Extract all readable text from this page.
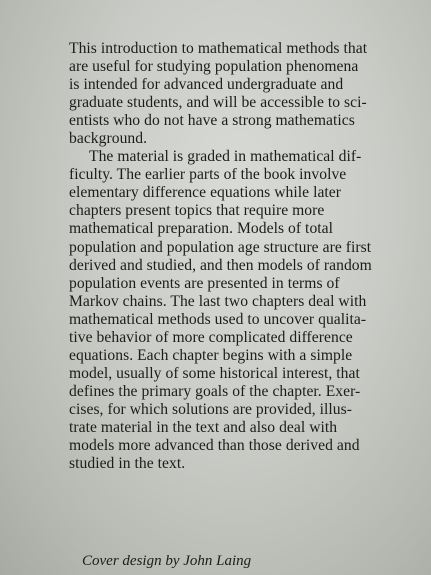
This introduction to mathematical methods that
are useful for studying population phenomena
is intended for advanced undergraduate and
graduate students, and will be accessible to sci-
entists who do not have a strong mathematics
background.
The material is graded in mathematical dif-
ficulty. The earlier parts of the book involve
elementary difference equations while later
chapters present topics that require more
mathematical preparation. Models of total
population and population age structure are first
derived and studied, and then models of random
population events are presented in terms of
Markov chains. The last two chapters deal with
mathematical methods used to uncover qualita-
tive behavior of more complicated difference
equations. Each chapter begins with a simple
model, usually of some historical interest, that
defines the primary goals of the chapter. Exer-
cises, for which solutions are provided, illus-
trate material in the text and also deal with
models more advanced than those derived and
studied in the text.
Cover design by John Laing
